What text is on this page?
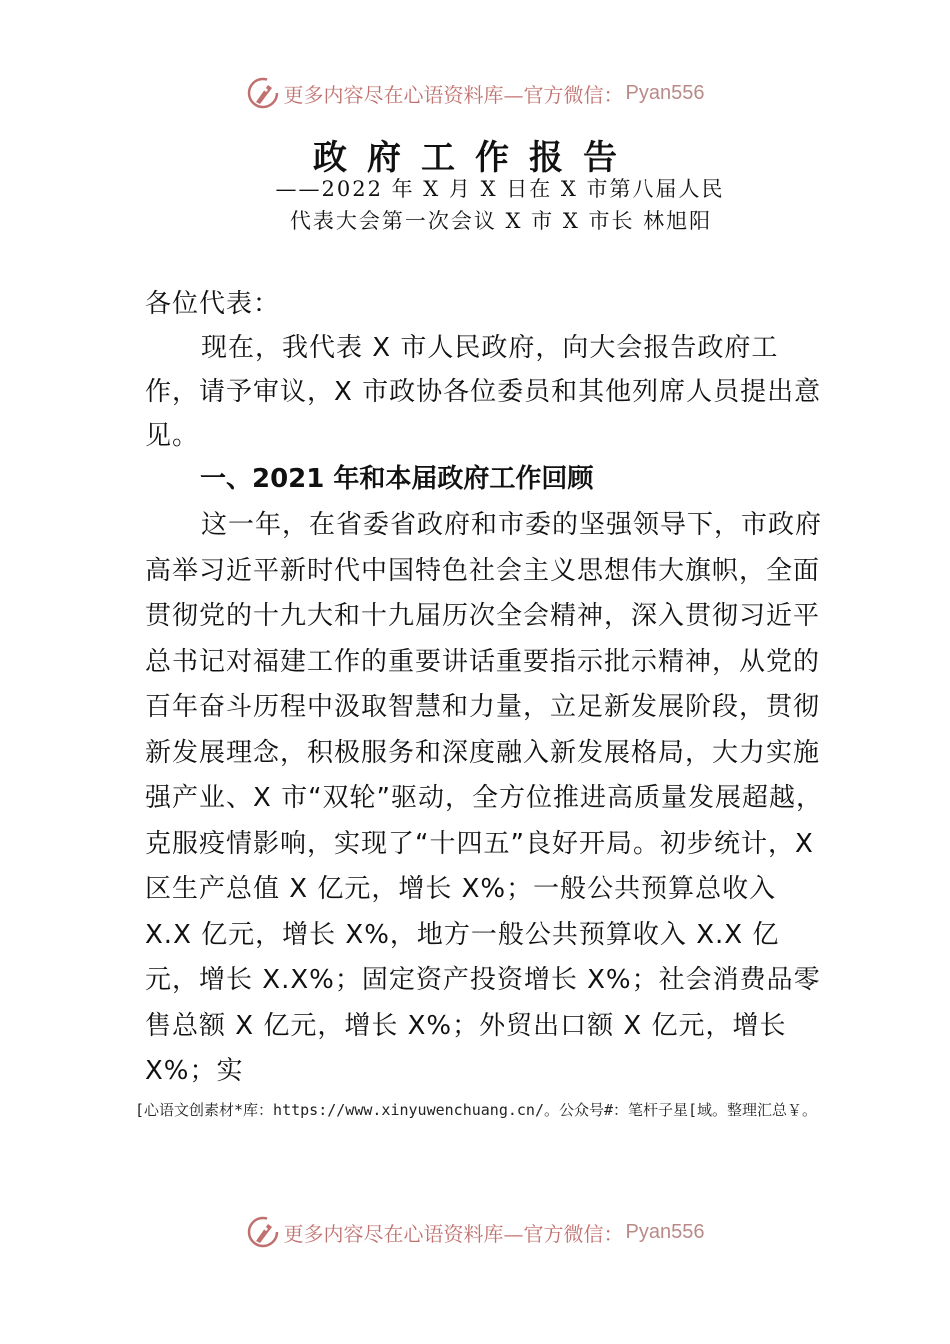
更多内容尽在心语资料库—官方微信： Pyan556
政府工作报告
——2022 年 X 月 X 日在 X 市第八届人民
代表大会第一次会议 X 市 X 市长 林旭阳
各位代表：
现在，我代表 X 市人民政府，向大会报告政府工作，请予审议，X 市政协各位委员和其他列席人员提出意见。
一、2021 年和本届政府工作回顾
这一年，在省委省政府和市委的坚强领导下，市政府高举习近平新时代中国特色社会主义思想伟大旗帜，全面贯彻党的十九大和十九届历次全会精神，深入贯彻习近平总书记对福建工作的重要讲话重要指示批示精神，从党的百年奋斗历程中汲取智慧和力量，立足新发展阶段，贯彻新发展理念，积极服务和深度融入新发展格局，大力实施强产业、X 市“双轮”驱动，全方位推进高质量发展超越，克服疫情影响，实现了“十四五”良好开局。初步统计，X 区生产总值 X 亿元，增长 X%；一般公共预算总收入 X.X 亿元，增长 X%，地方一般公共预算收入 X.X 亿元，增长 X.X%；固定资产投资增长 X%；社会消费品零售总额 X 亿元，增长 X%；外贸出口额 X 亿元，增长 X%；实
[心语文创素材*库：https://www.xinyuwenchuang.cn/。公众号#：笔杆子星[域。整理汇总￥。
更多内容尽在心语资料库—官方微信： Pyan556
